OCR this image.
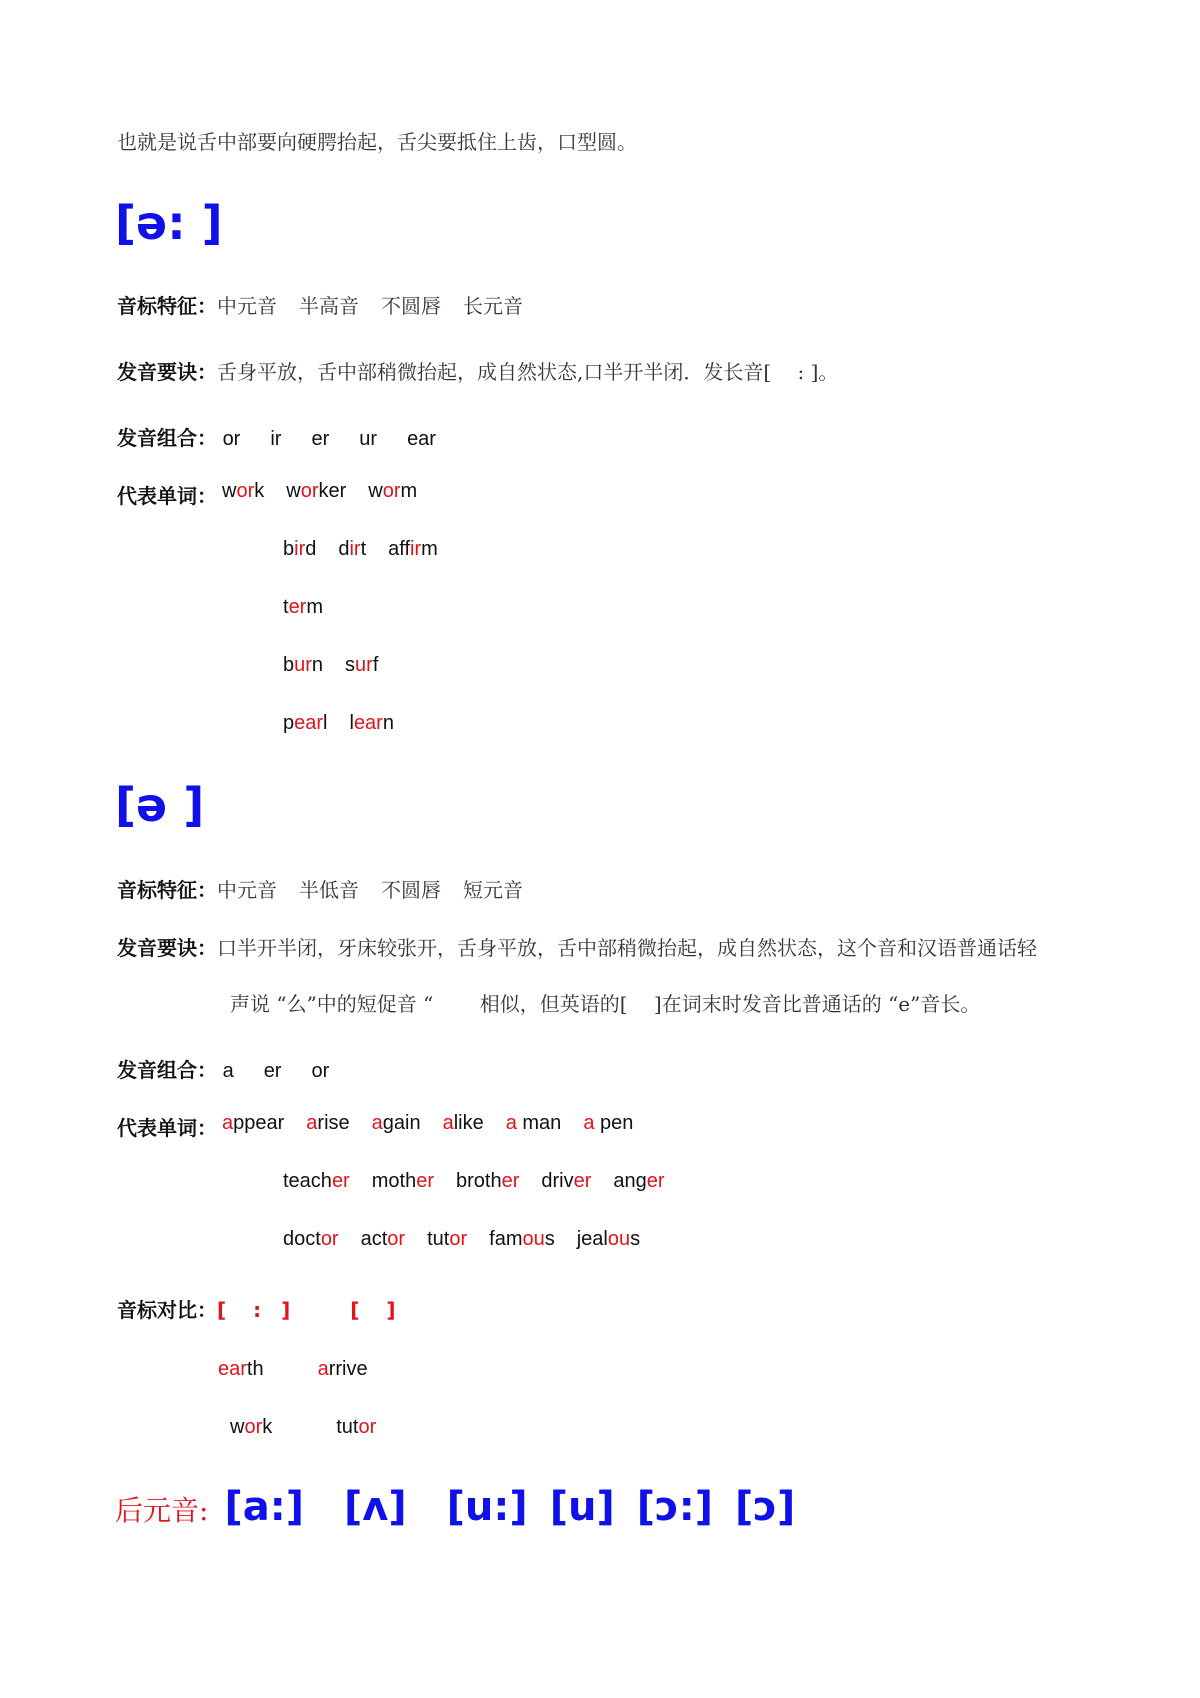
也就是说舌中部要向硬腭抬起，舌尖要抵住上齿，口型圆。
[ə: ]
音标特征：中元音 半高音 不圆唇 长元音
发音要诀：舌身平放，舌中部稍微抬起，成自然状态,口半开半闭．发长音[　 : ]。
发音组合： or ir er ur ear
代表单词： work worker worm
bird dirt affirm
term
burn surf
pearl learn
[ə ]
音标特征：中元音 半低音 不圆唇 短元音
发音要诀：口半开半闭，牙床较张开，舌身平放，舌中部稍微抬起，成自然状态，这个音和汉语普通话轻
声说 “么”中的短促音 “　　 相似，但英语的[　 ]在词末时发音比普通话的 “e”音长。
发音组合： a er or
代表单词： appear arise again alike a man a pen
teacher mother brother driver anger
doctor actor tutor famous jealous
音标对比：[　 :　]	[　 ]
earth	arrive
work	tutor
后元音: [a:] [ʌ] [u:] [u] [ɔ:] [ɔ]
